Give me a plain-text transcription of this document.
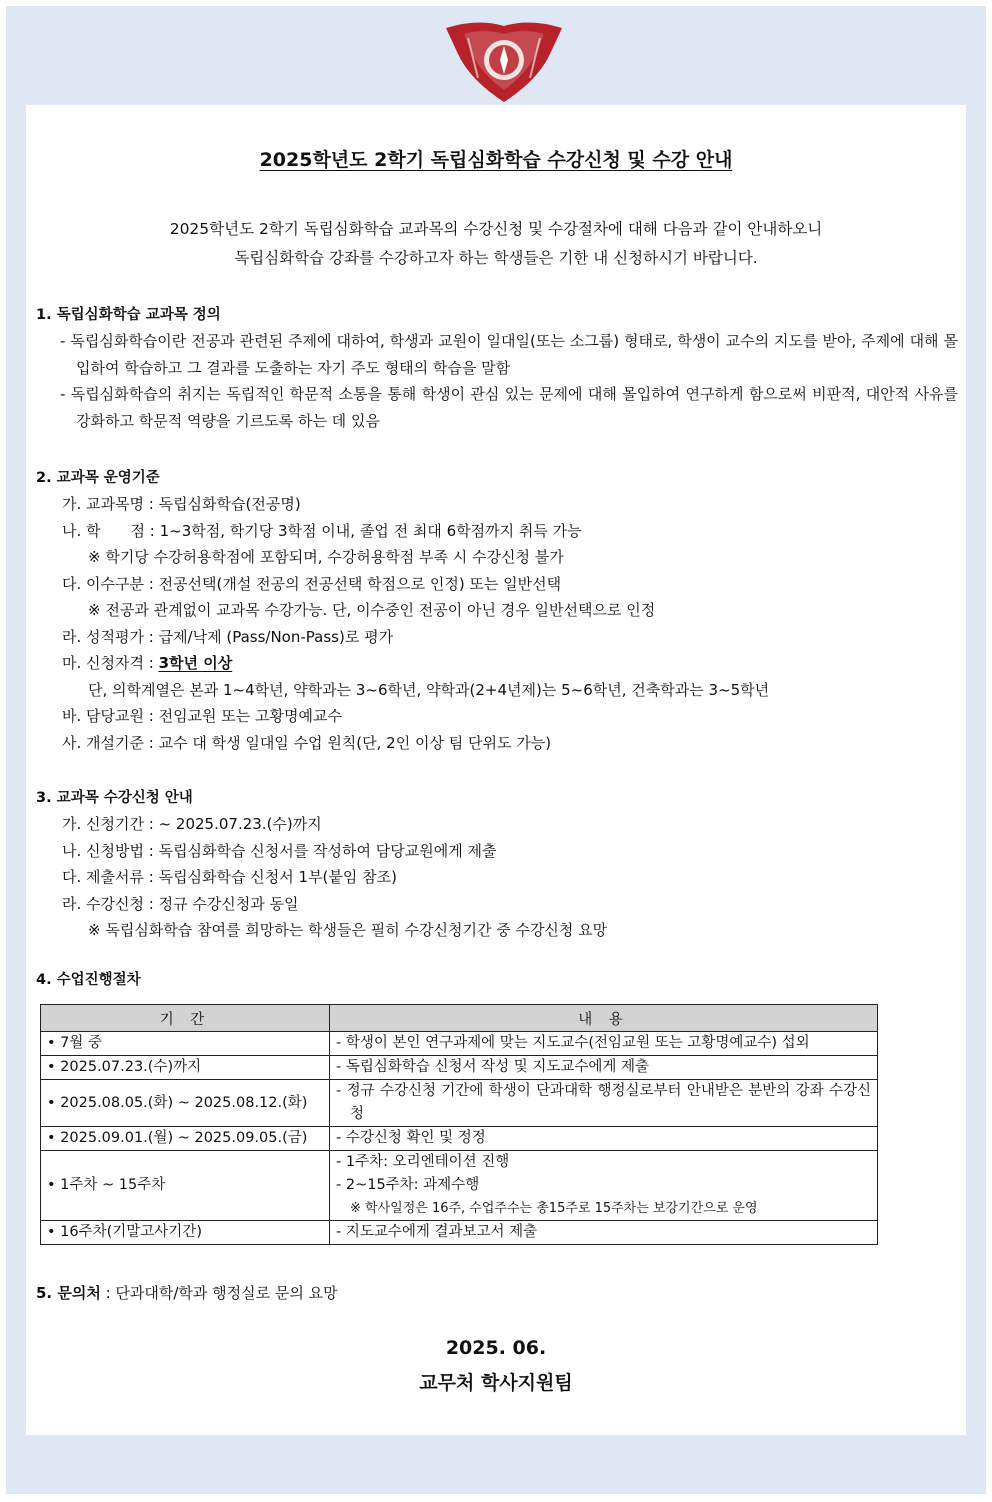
2025학년도 2학기 독립심화학습 수강신청 및 수강 안내
2025학년도 2학기 독립심화학습 교과목의 수강신청 및 수강절차에 대해 다음과 같이 안내하오니
독립심화학습 강좌를 수강하고자 하는 학생들은 기한 내 신청하시기 바랍니다.
1. 독립심화학습 교과목 정의
- 독립심화학습이란 전공과 관련된 주제에 대하여, 학생과 교원이 일대일(또는 소그룹) 형태로, 학생이 교수의 지도를 받아, 주제에 대해 몰입하여 학습하고 그 결과를 도출하는 자기 주도 형태의 학습을 말함
- 독립심화학습의 취지는 독립적인 학문적 소통을 통해 학생이 관심 있는 문제에 대해 몰입하여 연구하게 함으로써 비판적, 대안적 사유를 강화하고 학문적 역량을 기르도록 하는 데 있음
2. 교과목 운영기준
가. 교과목명 : 독립심화학습(전공명)
나. 학　　점 : 1~3학점, 학기당 3학점 이내, 졸업 전 최대 6학점까지 취득 가능
※ 학기당 수강허용학점에 포함되며, 수강허용학점 부족 시 수강신청 불가
다. 이수구분 : 전공선택(개설 전공의 전공선택 학점으로 인정) 또는 일반선택
※ 전공과 관계없이 교과목 수강가능. 단, 이수중인 전공이 아닌 경우 일반선택으로 인정
라. 성적평가 : 급제/낙제 (Pass/Non-Pass)로 평가
마. 신청자격 : 3학년 이상
단, 의학계열은 본과 1~4학년, 약학과는 3~6학년, 약학과(2+4년제)는 5~6학년, 건축학과는 3~5학년
바. 담당교원 : 전임교원 또는 고황명예교수
사. 개설기준 : 교수 대 학생 일대일 수업 원칙(단, 2인 이상 팀 단위도 가능)
3. 교과목 수강신청 안내
가. 신청기간 : ~ 2025.07.23.(수)까지
나. 신청방법 : 독립심화학습 신청서를 작성하여 담당교원에게 제출
다. 제출서류 : 독립심화학습 신청서 1부(붙임 참조)
라. 수강신청 : 정규 수강신청과 동일
※ 독립심화학습 참여를 희망하는 학생들은 필히 수강신청기간 중 수강신청 요망
4. 수업진행절차
기 간	내 용
• 7월 중	- 학생이 본인 연구과제에 맞는 지도교수(전임교원 또는 고황명예교수) 섭외

• 2025.07.23.(수)까지	- 독립심화학습 신청서 작성 및 지도교수에게 제출

• 2025.08.05.(화) ~ 2025.08.12.(화)	- 정규 수강신청 기간에 학생이 단과대학 행정실로부터 안내받은 분반의 강좌 수강신청

• 2025.09.01.(월) ~ 2025.09.05.(금)	- 수강신청 확인 및 정정

• 1주차 ~ 15주차	- 1주차: 오리엔테이션 진행
- 2~15주차: 과제수행
※ 학사일정은 16주, 수업주수는 총15주로 15주차는 보강기간으로 운영

• 16주차(기말고사기간)	- 지도교수에게 결과보고서 제출
5. 문의처 : 단과대학/학과 행정실로 문의 요망
2025. 06.
교무처 학사지원팀
